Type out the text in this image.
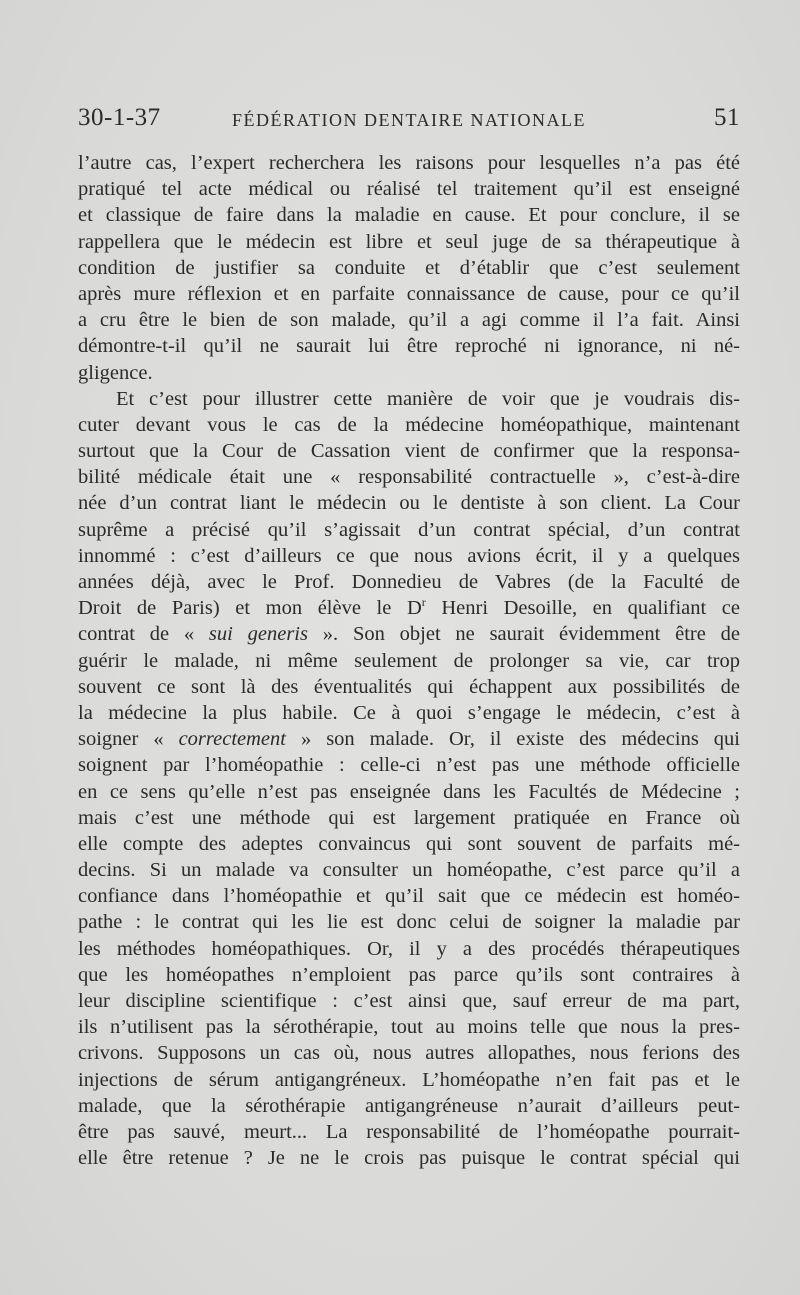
30-1-37	FÉDÉRATION DENTAIRE NATIONALE	51
l’autre cas, l’expert recherchera les raisons pour lesquelles n’a pas été
pratiqué tel acte médical ou réalisé tel traitement qu’il est enseigné
et classique de faire dans la maladie en cause. Et pour conclure, il se
rappellera que le médecin est libre et seul juge de sa thérapeutique à
condition de justifier sa conduite et d’établir que c’est seulement
après mure réflexion et en parfaite connaissance de cause, pour ce qu’il
a cru être le bien de son malade, qu’il a agi comme il l’a fait. Ainsi
démontre-t-il qu’il ne saurait lui être reproché ni ignorance, ni né-
gligence.
Et c’est pour illustrer cette manière de voir que je voudrais dis-
cuter devant vous le cas de la médecine homéopathique, maintenant
surtout que la Cour de Cassation vient de confirmer que la responsa-
bilité médicale était une « responsabilité contractuelle », c’est-à-dire
née d’un contrat liant le médecin ou le dentiste à son client. La Cour
suprême a précisé qu’il s’agissait d’un contrat spécial, d’un contrat
innommé : c’est d’ailleurs ce que nous avions écrit, il y a quelques
années déjà, avec le Prof. Donnedieu de Vabres (de la Faculté de
Droit de Paris) et mon élève le $D^r$ Henri Desoille, en qualifiant ce
contrat de « sui generis ». Son objet ne saurait évidemment être de
guérir le malade, ni même seulement de prolonger sa vie, car trop
souvent ce sont là des éventualités qui échappent aux possibilités de
la médecine la plus habile. Ce à quoi s’engage le médecin, c’est à
soigner « correctement » son malade. Or, il existe des médecins qui
soignent par l’homéopathie : celle-ci n’est pas une méthode officielle
en ce sens qu’elle n’est pas enseignée dans les Facultés de Médecine ;
mais c’est une méthode qui est largement pratiquée en France où
elle compte des adeptes convaincus qui sont souvent de parfaits mé-
decins. Si un malade va consulter un homéopathe, c’est parce qu’il a
confiance dans l’homéopathie et qu’il sait que ce médecin est homéo-
pathe : le contrat qui les lie est donc celui de soigner la maladie par
les méthodes homéopathiques. Or, il y a des procédés thérapeutiques
que les homéopathes n’emploient pas parce qu’ils sont contraires à
leur discipline scientifique : c’est ainsi que, sauf erreur de ma part,
ils n’utilisent pas la sérothérapie, tout au moins telle que nous la pres-
crivons. Supposons un cas où, nous autres allopathes, nous ferions des
injections de sérum antigangréneux. L’homéopathe n’en fait pas et le
malade, que la sérothérapie antigangréneuse n’aurait d’ailleurs peut-
être pas sauvé, meurt... La responsabilité de l’homéopathe pourrait-
elle être retenue ? Je ne le crois pas puisque le contrat spécial qui
